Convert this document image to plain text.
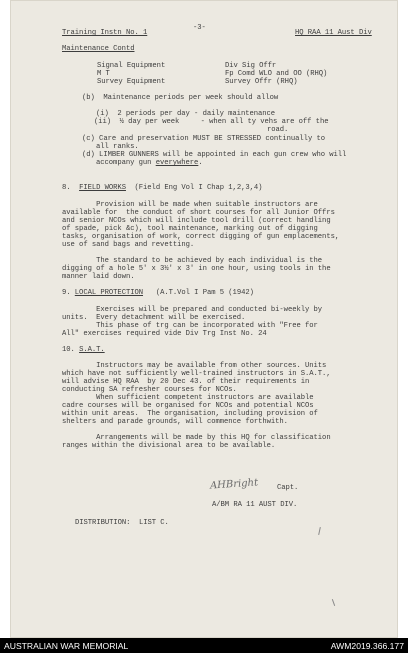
Training Instn No. 1
-3-
HQ RAA 11 Aust Div
Maintenance Contd
Signal Equipment
M T
Survey Equipment
Div Sig Offr
Fp Comd WLO and OO (RHQ)
Survey Offr (RHQ)
(b)  Maintenance periods per week should allow
(i)  2 periods per day - daily maintenance
(ii)  ½ day per week     - when all ty vehs are off the
road.
(c) Care and preservation MUST BE STRESSED continually to
all ranks.
(d) LIMBER GUNNERS will be appointed in each gun crew who will
accompany gun everywhere.
8. FIELD WORKS (Field Eng Vol I Chap 1,2,3,4)
Provision will be made when suitable instructors are
available for  the conduct of short courses for all Junior Offrs
and senior NCOs which will include tool drill (correct handling
of spade, pick &c), tool maintenance, marking out of digging
tasks, organisation of work, correct digging of gun emplacements,
use of sand bags and revetting.
The standard to be achieved by each individual is the
digging of a hole 5' x 3½' x 3' in one hour, using tools in the
manner laid down.
9. LOCAL PROTECTION (A.T.Vol I Pam 5 (1942)
Exercises will be prepared and conducted bi-weekly by
units.  Every detachment will be exercised.
This phase of trg can be incorporated with "Free for
All" exercises required vide Div Trg Inst No. 24
10. S.A.T.
Instructors may be available from other sources. Units
which have not sufficiently well-trained instructors in S.A.T.,
will advise HQ RAA  by 20 Dec 43. of their requirements in
conducting SA refresher courses for NCOs.
When sufficient competent instructors are available
cadre courses will be organised for NCOs and potential NCOs
within unit areas.  The organisation, including provision of
shelters and parade grounds, will commence forthwith.
Arrangements will be made by this HQ for classification
ranges within the divisional area to be available.
AHBright	Capt.
A/BM RA 11 AUST DIV.
DISTRIBUTION:  LIST C.
AUSTRALIAN WAR MEMORIAL	AWM2019.366.177
